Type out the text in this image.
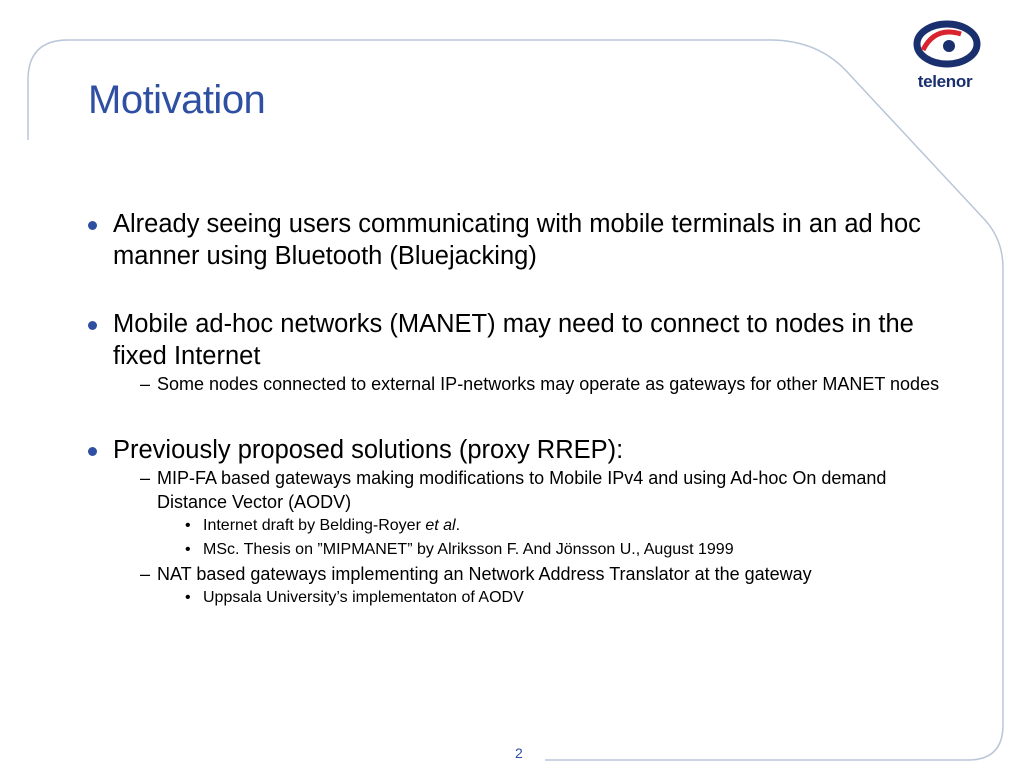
telenor
Motivation
Already seeing users communicating with mobile terminals in an ad hoc manner using Bluetooth (Bluejacking)
Mobile ad-hoc networks (MANET) may need to connect to nodes in the fixed Internet
– Some nodes connected to external IP-networks may operate as gateways for other MANET nodes
Previously proposed solutions (proxy RREP):
– MIP-FA based gateways making modifications to Mobile IPv4 and using Ad-hoc On demand Distance Vector (AODV)
• Internet draft by Belding-Royer et al.
• MSc. Thesis on ”MIPMANET” by Alriksson F. And Jönsson U., August 1999
– NAT based gateways implementing an Network Address Translator at the gateway
• Uppsala University’s implementaton of AODV
2
